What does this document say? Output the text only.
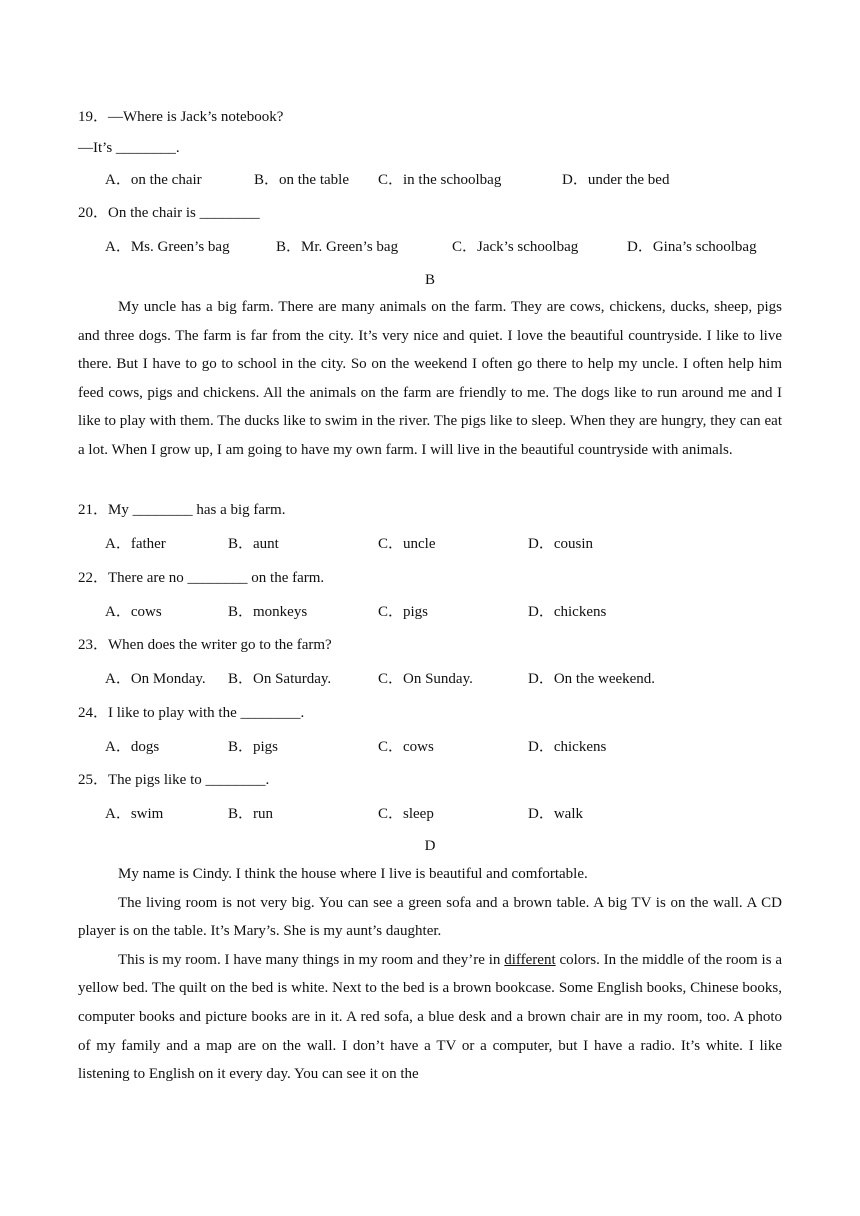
19．—Where is Jack’s notebook?
—It’s ________.
A．on the chair	B．on the table C．in the schoolbag	D．under the bed
20．On the chair is ________
A．Ms. Green’s bag	B．Mr. Green’s bag	C．Jack’s schoolbag	D．Gina’s schoolbag
B

My uncle has a big farm. There are many animals on the farm. They are cows, chickens, ducks, sheep, pigs and three dogs. The farm is far from the city. It’s very nice and quiet. I love the beautiful countryside. I like to live there. But I have to go to school in the city. So on the weekend I often go there to help my uncle. I often help him feed cows, pigs and chickens. All the animals on the farm are friendly to me. The dogs like to run around me and I like to play with them. The ducks like to swim in the river. The pigs like to sleep. When they are hungry, they can eat a lot. When I grow up, I am going to have my own farm. I will live in the beautiful countryside with animals.

21．My ________ has a big farm.
A．father	B．aunt	C．uncle	D．cousin
22．There are no ________ on the farm.
A．cows	B．monkeys	C．pigs	D．chickens
23．When does the writer go to the farm?
A．On Monday. B．On Saturday.	C．On Sunday.	D．On the weekend.
24．I like to play with the ________.
A．dogs	B．pigs	C．cows	D．chickens
25．The pigs like to ________.
A．swim	B．run	C．sleep	D．walk
D

My name is Cindy. I think the house where I live is beautiful and comfortable.

The living room is not very big. You can see a green sofa and a brown table. A big TV is on the wall. A CD player is on the table. It’s Mary’s. She is my aunt’s daughter.

This is my room. I have many things in my room and they’re in different colors. In the middle of the room is a yellow bed. The quilt on the bed is white. Next to the bed is a brown bookcase. Some English books, Chinese books, computer books and picture books are in it. A red sofa, a blue desk and a brown chair are in my room, too. A photo of my family and a map are on the wall. I don’t have a TV or a computer, but I have a radio. It’s white. I like listening to English on it every day. You can see it on the
